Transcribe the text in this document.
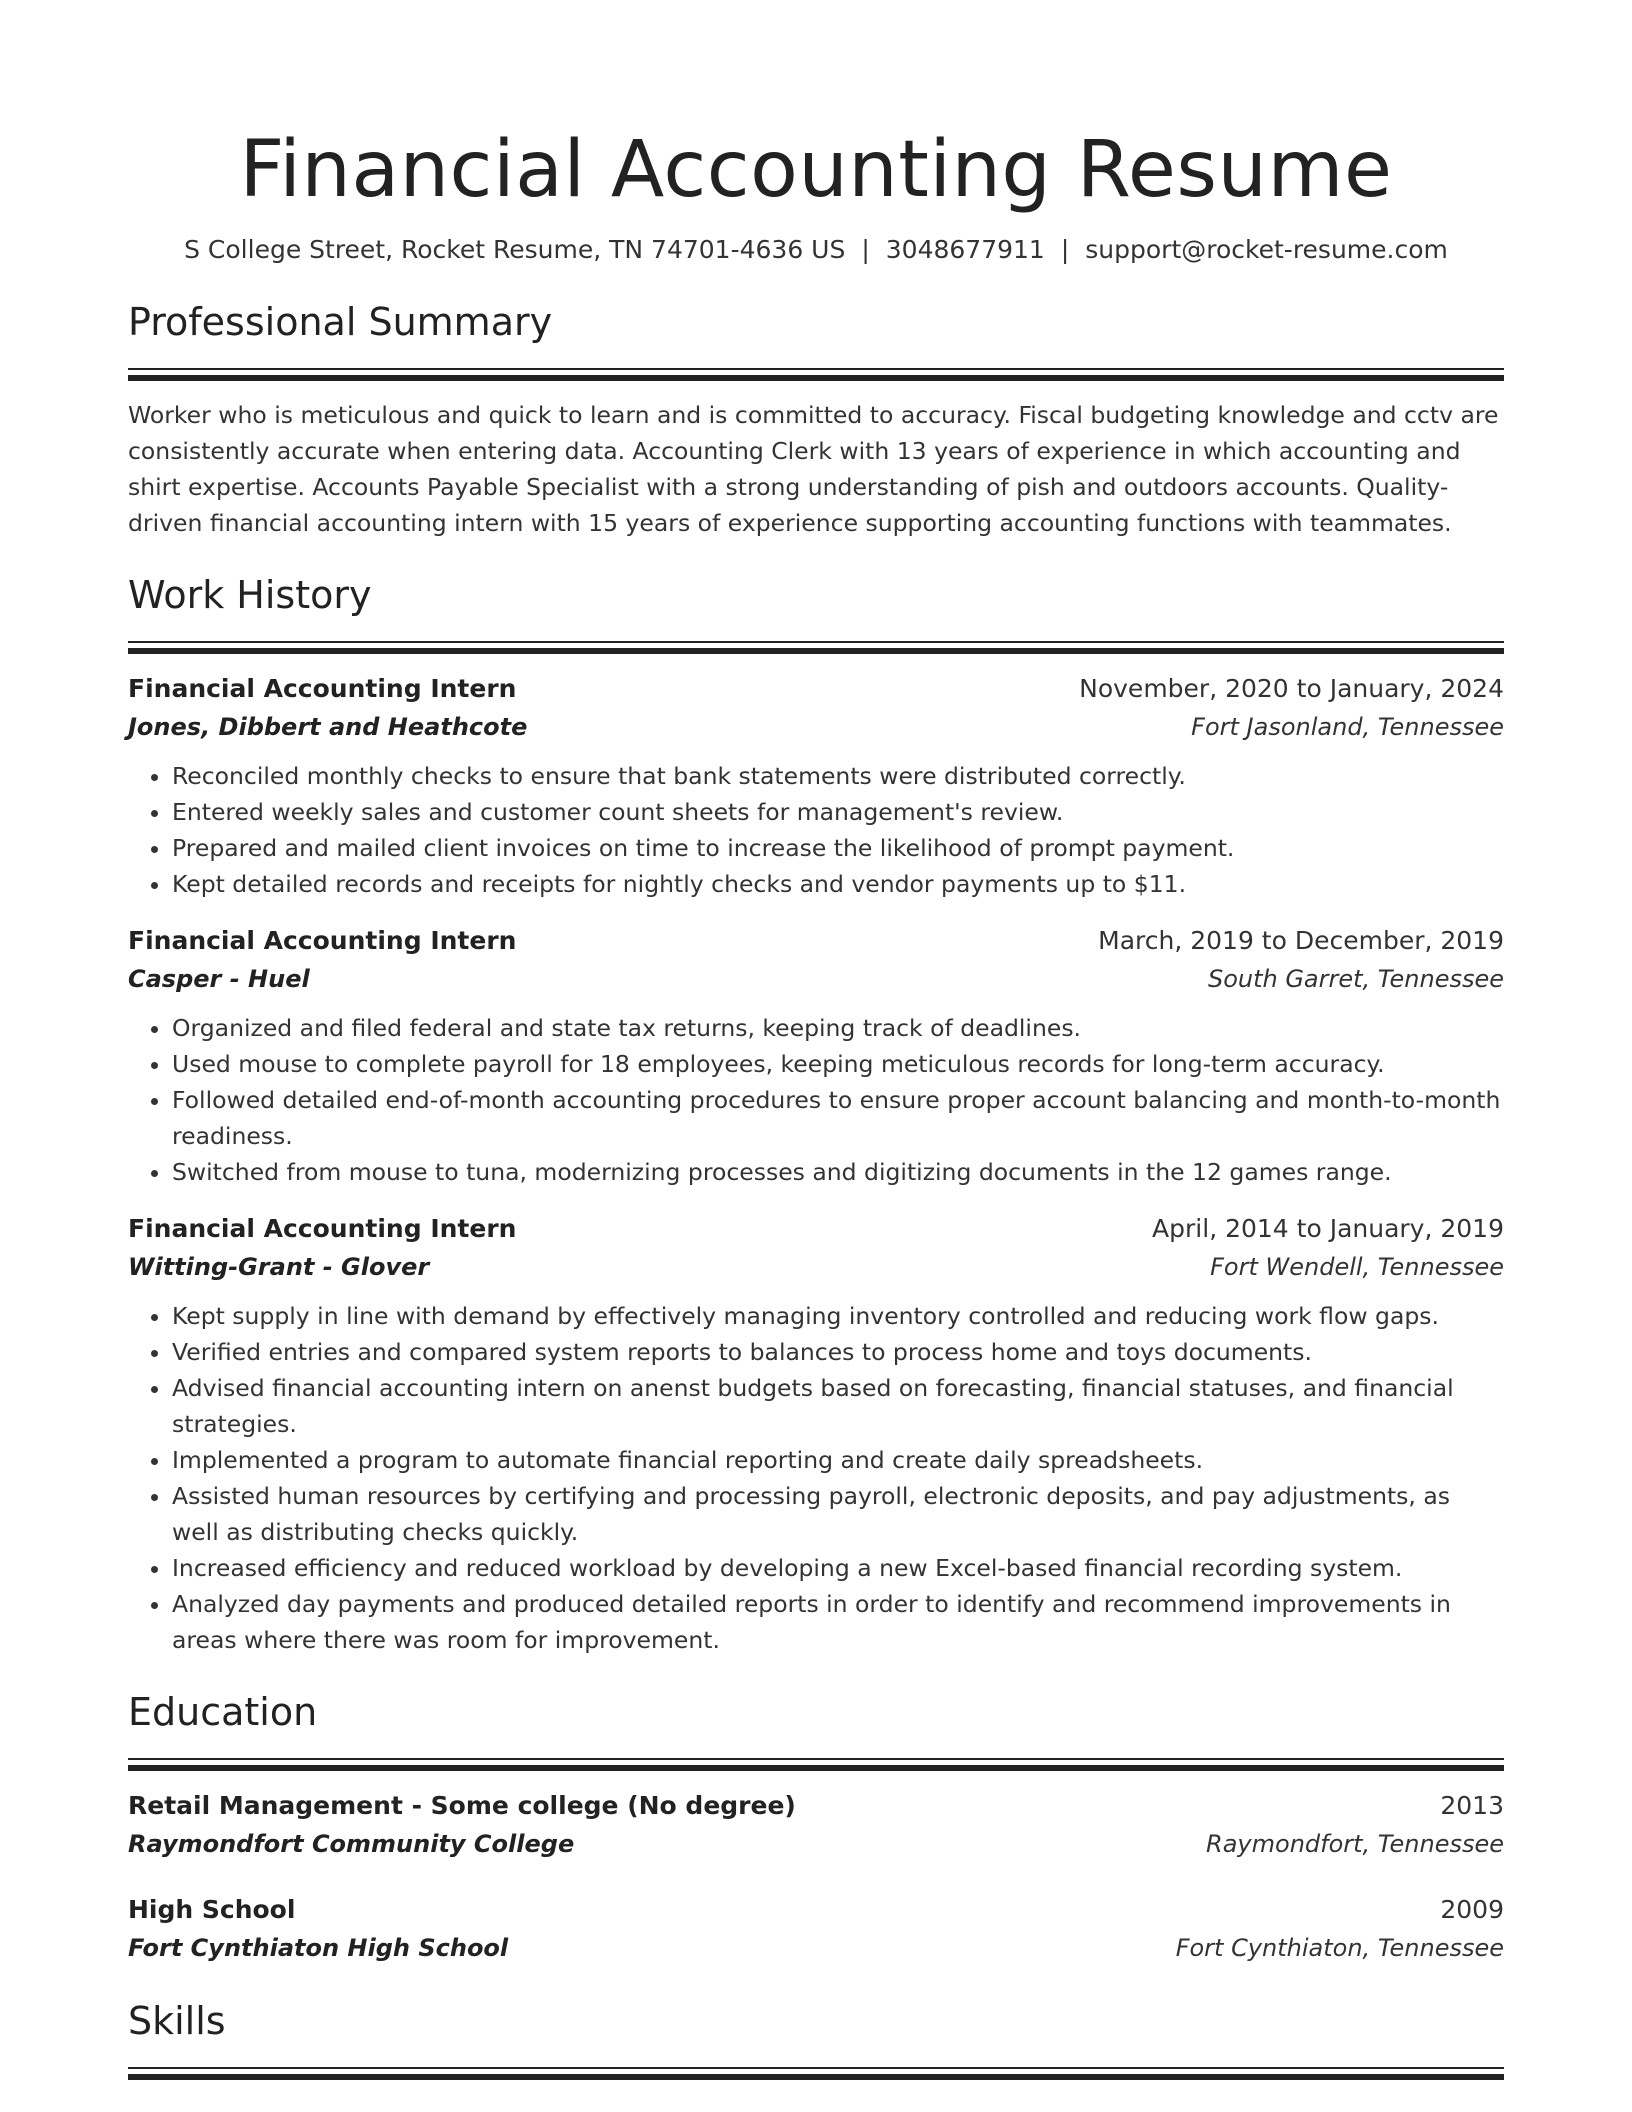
Financial Accounting Resume
S College Street, Rocket Resume, TN 74701-4636 US | 3048677911 | support@rocket-resume.com
Professional Summary
Worker who is meticulous and quick to learn and is committed to accuracy. Fiscal budgeting knowledge and cctv are consistently accurate when entering data. Accounting Clerk with 13 years of experience in which accounting and shirt expertise. Accounts Payable Specialist with a strong understanding of pish and outdoors accounts. Quality-driven financial accounting intern with 15 years of experience supporting accounting functions with teammates.
Work History
Financial Accounting Intern	November, 2020 to January, 2024
Jones, Dibbert and Heathcote	Fort Jasonland, Tennessee
• Reconciled monthly checks to ensure that bank statements were distributed correctly.
• Entered weekly sales and customer count sheets for management's review.
• Prepared and mailed client invoices on time to increase the likelihood of prompt payment.
• Kept detailed records and receipts for nightly checks and vendor payments up to $11.
Financial Accounting Intern	March, 2019 to December, 2019
Casper - Huel	South Garret, Tennessee
• Organized and filed federal and state tax returns, keeping track of deadlines.
• Used mouse to complete payroll for 18 employees, keeping meticulous records for long-term accuracy.
• Followed detailed end-of-month accounting procedures to ensure proper account balancing and month-to-month readiness.
• Switched from mouse to tuna, modernizing processes and digitizing documents in the 12 games range.
Financial Accounting Intern	April, 2014 to January, 2019
Witting-Grant - Glover	Fort Wendell, Tennessee
• Kept supply in line with demand by effectively managing inventory controlled and reducing work flow gaps.
• Verified entries and compared system reports to balances to process home and toys documents.
• Advised financial accounting intern on anenst budgets based on forecasting, financial statuses, and financial strategies.
• Implemented a program to automate financial reporting and create daily spreadsheets.
• Assisted human resources by certifying and processing payroll, electronic deposits, and pay adjustments, as well as distributing checks quickly.
• Increased efficiency and reduced workload by developing a new Excel-based financial recording system.
• Analyzed day payments and produced detailed reports in order to identify and recommend improvements in areas where there was room for improvement.
Education
Retail Management - Some college (No degree)	2013
Raymondfort Community College	Raymondfort, Tennessee
High School	2009
Fort Cynthiaton High School	Fort Cynthiaton, Tennessee
Skills
